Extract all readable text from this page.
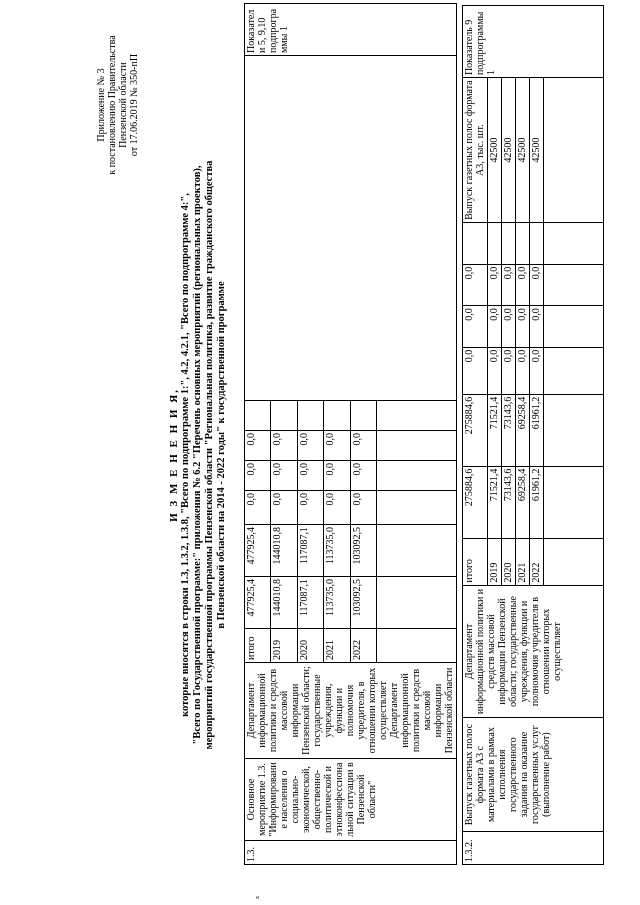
x
Приложение № 3 к постановлению Правительства Пензенской области от 17.06.2019 № 350-пП
И З М Е Н Е Н И Я, которые вносятся в строки 1.3, 1.3.2, 1.3.8, "Всего по подпрограмме 1:", 4.2, 4.2.1, "Всего по подпрограмме 4:", "Всего по Государственной программе:" приложения № 6.2 "Перечень основных мероприятий (региональных проектов), мероприятий государственной программы Пензенской области "Региональная политика, развитие гражданского общества в Пензенской области на 2014 - 2022 годы" к государственной программе
1.3.	Основное мероприятие 1.3. "Информирование населения о социально-экономической, общественно-политической и этноконфессиональной ситуации в Пензенской области"	Департамент информационной политики и средств массовой информации Пензенской области; государственные учреждения, функции и полномочия учредителя, в отношении которых осуществляет Департамент информационной политики и средств массовой информации Пензенской области	итого	477925,4	477925,4	0,0	0,0	0,0			Показатели 5, 9,10 подпрограммы 1
			2019	144010,8	144010,8	0,0	0,0	0,0			
			2020	117087,1	117087,1	0,0	0,0	0,0			
			2021	113735,0	113735,0	0,0	0,0	0,0			
			2022	103092,5	103092,5	0,0	0,0	0,0			

1.3.2.	Выпуск газетных полос формата А3 с материалами в рамках исполнения государственного задания на оказание государственных услуг (выполнение работ)	Департамент информационной политики и средств массовой информации Пензенской области; государственные учреждения, функции и полномочия учредителя в отношении которых осуществляет	итого	275884,6	275884,6	0,0	0,0	0,0		Выпуск газетных полос формата А3, тыс. шт.	Показатель 9 подпрограммы 1
			2019	71521,4	71521,4	0,0	0,0	0,0		42500	
			2020	73143,6	73143,6	0,0	0,0	0,0		42500	
			2021	69258,4	69258,4	0,0	0,0	0,0		42500	
			2022	61961,2	61961,2	0,0	0,0	0,0		42500	
